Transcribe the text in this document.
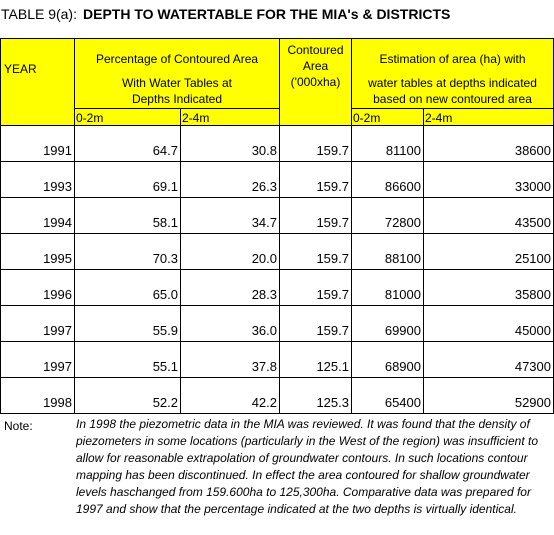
TABLE 9(a): DEPTH TO WATERTABLE FOR THE MIA's & DISTRICTS
YEAR
Percentage of Contoured Area
With Water Tables at
Depths Indicated
Contoured
Area
('000xha)
Estimation of area (ha) with
water tables at depths indicated
based on new contoured area
0-2m	2-4m	0-2m	2-4m
1991	64.7	30.8	159.7	81100	38600
1993	69.1	26.3	159.7	86600	33000
1994	58.1	34.7	159.7	72800	43500
1995	70.3	20.0	159.7	88100	25100
1996	65.0	28.3	159.7	81000	35800
1997	55.9	36.0	159.7	69900	45000
1997	55.1	37.8	125.1	68900	47300
1998	52.2	42.2	125.3	65400	52900
Note:	In 1998 the piezometric data in the MIA was reviewed. It was found that the density of piezometers in some locations (particularly in the West of the region) was insufficient to allow for reasonable extrapolation of groundwater contours. In such locations contour mapping has been discontinued. In effect the area contoured for shallow groundwater levels haschanged from 159.600ha to 125,300ha. Comparative data was prepared for 1997 and show that the percentage indicated at the two depths is virtually identical.
